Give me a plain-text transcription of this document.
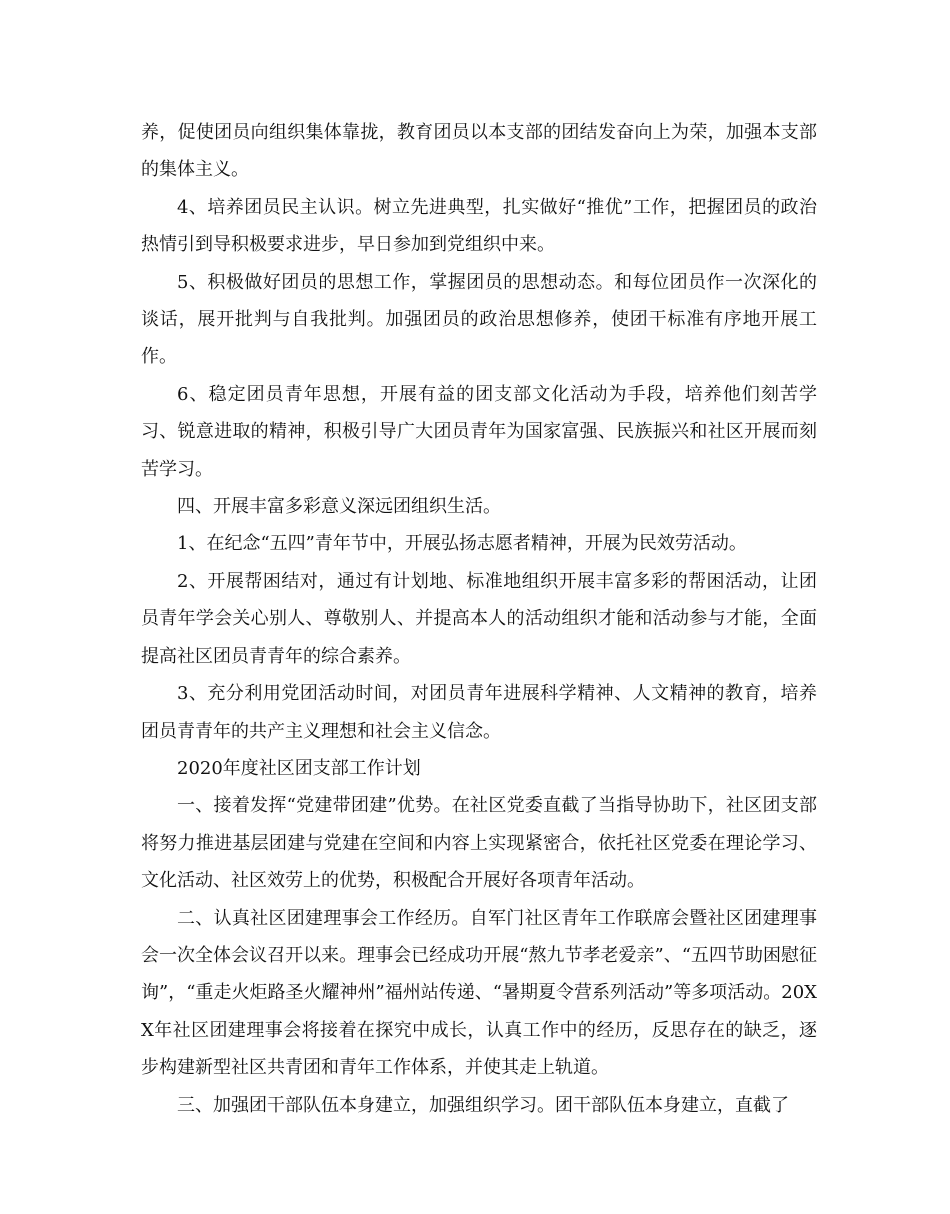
养，促使团员向组织集体靠拢，教育团员以本支部的团结发奋向上为荣，加强本支部的集体主义。

4、培养团员民主认识。树立先进典型，扎实做好“推优”工作，把握团员的政治热情引到导积极要求进步，早日参加到党组织中来。

5、积极做好团员的思想工作，掌握团员的思想动态。和每位团员作一次深化的谈话，展开批判与自我批判。加强团员的政治思想修养，使团干标准有序地开展工作。

6、稳定团员青年思想，开展有益的团支部文化活动为手段，培养他们刻苦学习、锐意进取的精神，积极引导广大团员青年为国家富强、民族振兴和社区开展而刻苦学习。

四、开展丰富多彩意义深远团组织生活。

1、在纪念“五四”青年节中，开展弘扬志愿者精神，开展为民效劳活动。

2、开展帮困结对，通过有计划地、标准地组织开展丰富多彩的帮困活动，让团员青年学会关心别人、尊敬别人、并提高本人的活动组织才能和活动参与才能，全面提高社区团员青青年的综合素养。

3、充分利用党团活动时间，对团员青年进展科学精神、人文精神的教育，培养团员青青年的共产主义理想和社会主义信念。

2020年度社区团支部工作计划

一、接着发挥“党建带团建”优势。在社区党委直截了当指导协助下，社区团支部将努力推进基层团建与党建在空间和内容上实现紧密合，依托社区党委在理论学习、文化活动、社区效劳上的优势，积极配合开展好各项青年活动。

二、认真社区团建理事会工作经历。自军门社区青年工作联席会暨社区团建理事会一次全体会议召开以来。理事会已经成功开展“熬九节孝老爱亲”、“五四节助困慰征询”，“重走火炬路圣火耀神州”福州站传递、“暑期夏令营系列活动”等多项活动。20XX年社区团建理事会将接着在探究中成长，认真工作中的经历，反思存在的缺乏，逐步构建新型社区共青团和青年工作体系，并使其走上轨道。

三、加强团干部队伍本身建立，加强组织学习。团干部队伍本身建立，直截了
